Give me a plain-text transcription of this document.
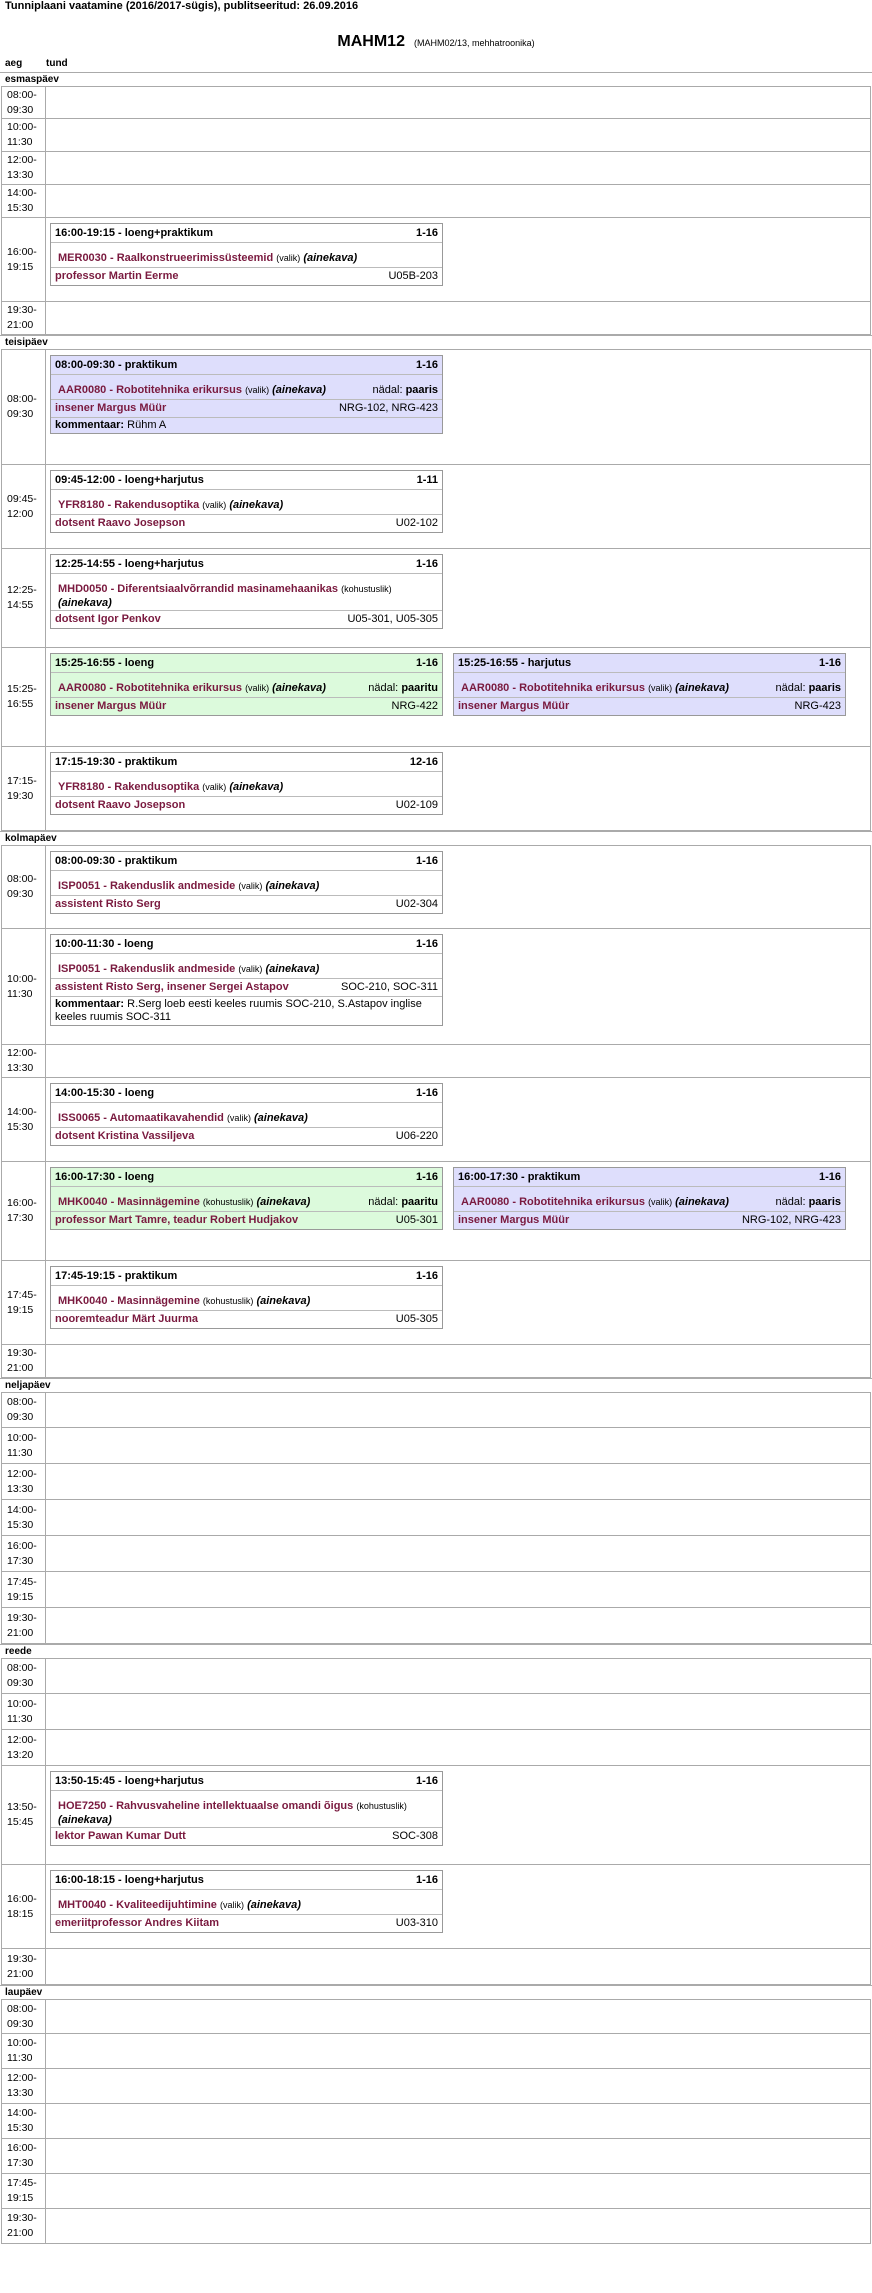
Tunniplaani vaatamine (2016/2017-sügis), publitseeritud: 26.09.2016
MAHM12 (MAHM02/13, mehhatroonika)
aeg tund
esmaspäev
08:00-09:30
10:00-11:30
12:00-13:30
14:00-15:30
16:00-19:15
16:00-19:15 - loeng+praktikum	1-16
MER0030 - Raalkonstrueerimissüsteemid (valik) (ainekava)
professor Martin Eerme	U05B-203
19:30-21:00
teisipäev
08:00-09:30
08:00-09:30 - praktikum	1-16
AAR0080 - Robotitehnika erikursus (valik) (ainekava)	nädal: paaris
insener Margus Müür	NRG-102, NRG-423
kommentaar: Rühm A
09:45-12:00
09:45-12:00 - loeng+harjutus	1-11
YFR8180 - Rakendusoptika (valik) (ainekava)
dotsent Raavo Josepson	U02-102
12:25-14:55
12:25-14:55 - loeng+harjutus	1-16
MHD0050 - Diferentsiaalvõrrandid masinamehaanikas (kohustuslik) (ainekava)
dotsent Igor Penkov	U05-301, U05-305
15:25-16:55
15:25-16:55 - loeng	1-16
AAR0080 - Robotitehnika erikursus (valik) (ainekava)	nädal: paaritu
insener Margus Müür	NRG-422
15:25-16:55 - harjutus	1-16
AAR0080 - Robotitehnika erikursus (valik) (ainekava)	nädal: paaris
insener Margus Müür	NRG-423
17:15-19:30
17:15-19:30 - praktikum	12-16
YFR8180 - Rakendusoptika (valik) (ainekava)
dotsent Raavo Josepson	U02-109
kolmapäev
08:00-09:30
08:00-09:30 - praktikum	1-16
ISP0051 - Rakenduslik andmeside (valik) (ainekava)
assistent Risto Serg	U02-304
10:00-11:30
10:00-11:30 - loeng	1-16
ISP0051 - Rakenduslik andmeside (valik) (ainekava)
assistent Risto Serg, insener Sergei Astapov	SOC-210, SOC-311
kommentaar: R.Serg loeb eesti keeles ruumis SOC-210, S.Astapov inglise keeles ruumis SOC-311
12:00-13:30
14:00-15:30
14:00-15:30 - loeng	1-16
ISS0065 - Automaatikavahendid (valik) (ainekava)
dotsent Kristina Vassiljeva	U06-220
16:00-17:30
16:00-17:30 - loeng	1-16
MHK0040 - Masinnägemine (kohustuslik) (ainekava)	nädal: paaritu
professor Mart Tamre, teadur Robert Hudjakov	U05-301
16:00-17:30 - praktikum	1-16
AAR0080 - Robotitehnika erikursus (valik) (ainekava)	nädal: paaris
insener Margus Müür	NRG-102, NRG-423
17:45-19:15
17:45-19:15 - praktikum	1-16
MHK0040 - Masinnägemine (kohustuslik) (ainekava)
nooremteadur Märt Juurma	U05-305
19:30-21:00
neljapäev
08:00-09:30
10:00-11:30
12:00-13:30
14:00-15:30
16:00-17:30
17:45-19:15
19:30-21:00
reede
08:00-09:30
10:00-11:30
12:00-13:20
13:50-15:45
13:50-15:45 - loeng+harjutus	1-16
HOE7250 - Rahvusvaheline intellektuaalse omandi õigus (kohustuslik) (ainekava)
lektor Pawan Kumar Dutt	SOC-308
16:00-18:15
16:00-18:15 - loeng+harjutus	1-16
MHT0040 - Kvaliteedijuhtimine (valik) (ainekava)
emeriitprofessor Andres Kiitam	U03-310
19:30-21:00
laupäev
08:00-09:30
10:00-11:30
12:00-13:30
14:00-15:30
16:00-17:30
17:45-19:15
19:30-21:00
